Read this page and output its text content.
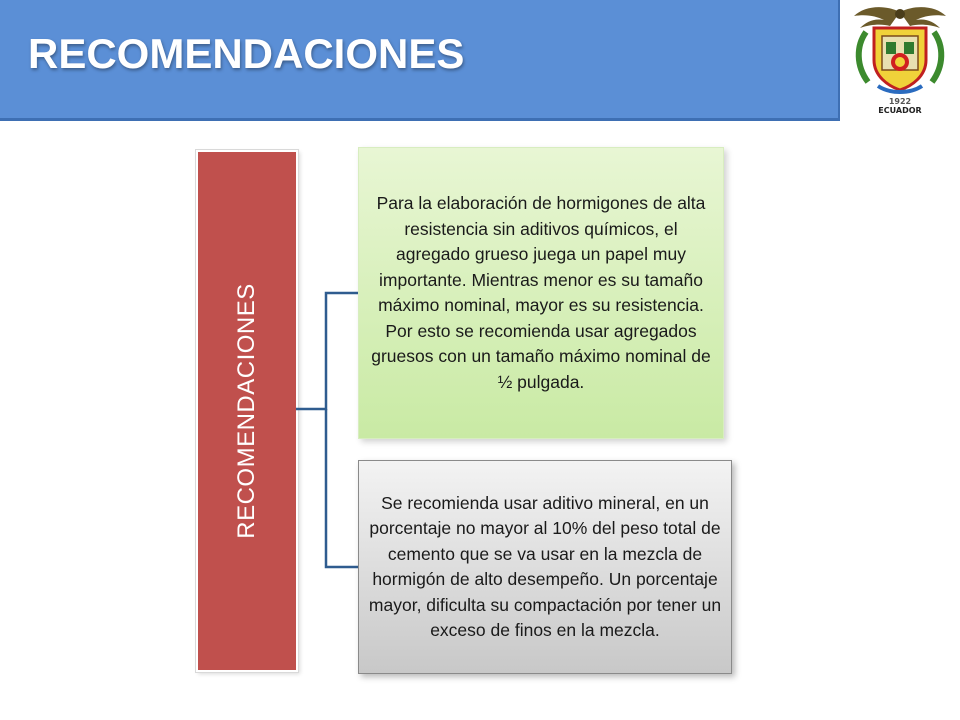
RECOMENDACIONES
1922
ECUADOR
RECOMENDACIONES
Para la elaboración de hormigones de alta resistencia sin aditivos químicos, el agregado grueso juega un papel muy importante. Mientras menor es su tamaño máximo nominal, mayor es su resistencia. Por esto se recomienda usar agregados gruesos con un tamaño máximo nominal de ½ pulgada.
Se recomienda usar aditivo mineral, en un porcentaje no mayor al 10% del peso total de cemento que se va usar en la mezcla de hormigón de alto desempeño. Un porcentaje mayor, dificulta su compactación por tener un exceso de finos en la mezcla.
